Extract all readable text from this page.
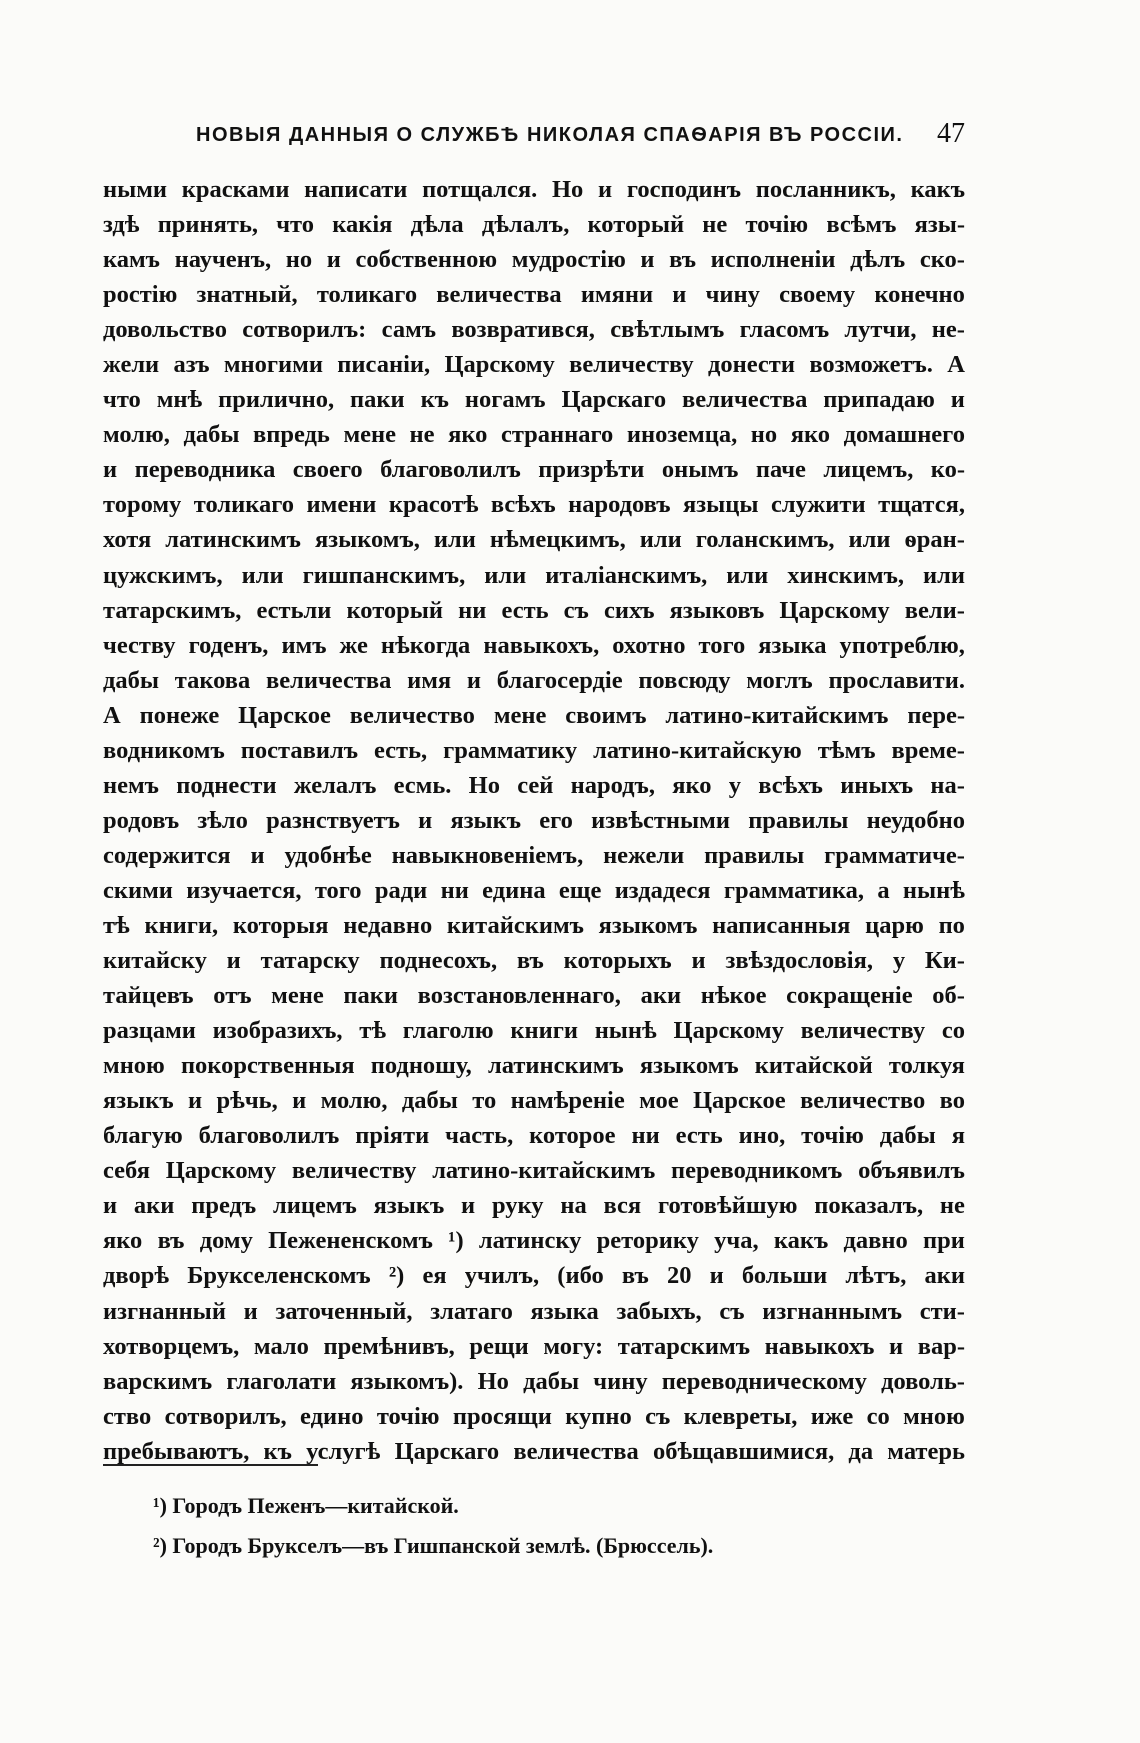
НОВЫЯ ДАННЫЯ О СЛУЖБѢ НИКОЛАЯ СПАѲАРІЯ ВЪ РОССІИ.	47
ными красками написати потщался. Но и господинъ посланникъ, какъ
здѣ принять, что какія дѣла дѣлалъ, который не точію всѣмъ язы-
камъ наученъ, но и собственною мудростію и въ исполненіи дѣлъ ско-
ростію знатный, толикаго величества имяни и чину своему конечно
довольство сотворилъ: самъ возвратився, свѣтлымъ гласомъ лутчи, не-
жели азъ многими писаніи, Царскому величеству донести возможетъ. А
что мнѣ прилично, паки къ ногамъ Царскаго величества припадаю и
молю, дабы впредь мене не яко страннаго иноземца, но яко домашнего
и переводника своего благоволилъ призрѣти онымъ паче лицемъ, ко-
торому толикаго имени красотѣ всѣхъ народовъ языцы служити тщатся,
хотя латинскимъ языкомъ, или нѣмецкимъ, или голанскимъ, или ѳран-
цужскимъ, или гишпанскимъ, или италіанскимъ, или хинскимъ, или
татарскимъ, естьли который ни есть съ сихъ языковъ Царскому вели-
честву годенъ, имъ же нѣкогда навыкохъ, охотно того языка употреблю,
дабы такова величества имя и благосердіе повсюду моглъ прославити.
А понеже Царское величество мене своимъ латино-китайскимъ пере-
водникомъ поставилъ есть, грамматику латино-китайскую тѣмъ време-
немъ поднести желалъ есмь. Но сей народъ, яко у всѣхъ иныхъ на-
родовъ зѣло разнствуетъ и языкъ его извѣстными правилы неудобно
содержится и удобнѣе навыкновеніемъ, нежели правилы грамматиче-
скими изучается, того ради ни едина еще издадеся грамматика, а нынѣ
тѣ книги, которыя недавно китайскимъ языкомъ написанныя царю по
китайску и татарску поднесохъ, въ которыхъ и звѣздословія, у Ки-
тайцевъ отъ мене паки возстановленнаго, аки нѣкое сокращеніе об-
разцами изобразихъ, тѣ глаголю книги нынѣ Царскому величеству со
мною покорственныя подношу, латинскимъ языкомъ китайской толкуя
языкъ и рѣчь, и молю, дабы то намѣреніе мое Царское величество во
благую благоволилъ пріяти часть, которое ни есть ино, точію дабы я
себя Царскому величеству латино-китайскимъ переводникомъ объявилъ
и аки предъ лицемъ языкъ и руку на вся готовѣйшую показалъ, не
яко въ дому Пежененскомъ ¹) латинску реторику уча, какъ давно при
дворѣ Брукселенскомъ ²) ея училъ, (ибо въ 20 и больши лѣтъ, аки
изгнанный и заточенный, златаго языка забыхъ, съ изгнаннымъ сти-
хотворцемъ, мало премѣнивъ, рещи могу: татарскимъ навыкохъ и вар-
варскимъ глаголати языкомъ). Но дабы чину переводническому доволь-
ство сотворилъ, едино точію просящи купно съ клевреты, иже со мною
пребываютъ, къ услугѣ Царскаго величества обѣщавшимися, да матерь
¹) Городъ Пеженъ—китайской.
²) Городъ Брукселъ—въ Гишпанской землѣ. (Брюссель).
